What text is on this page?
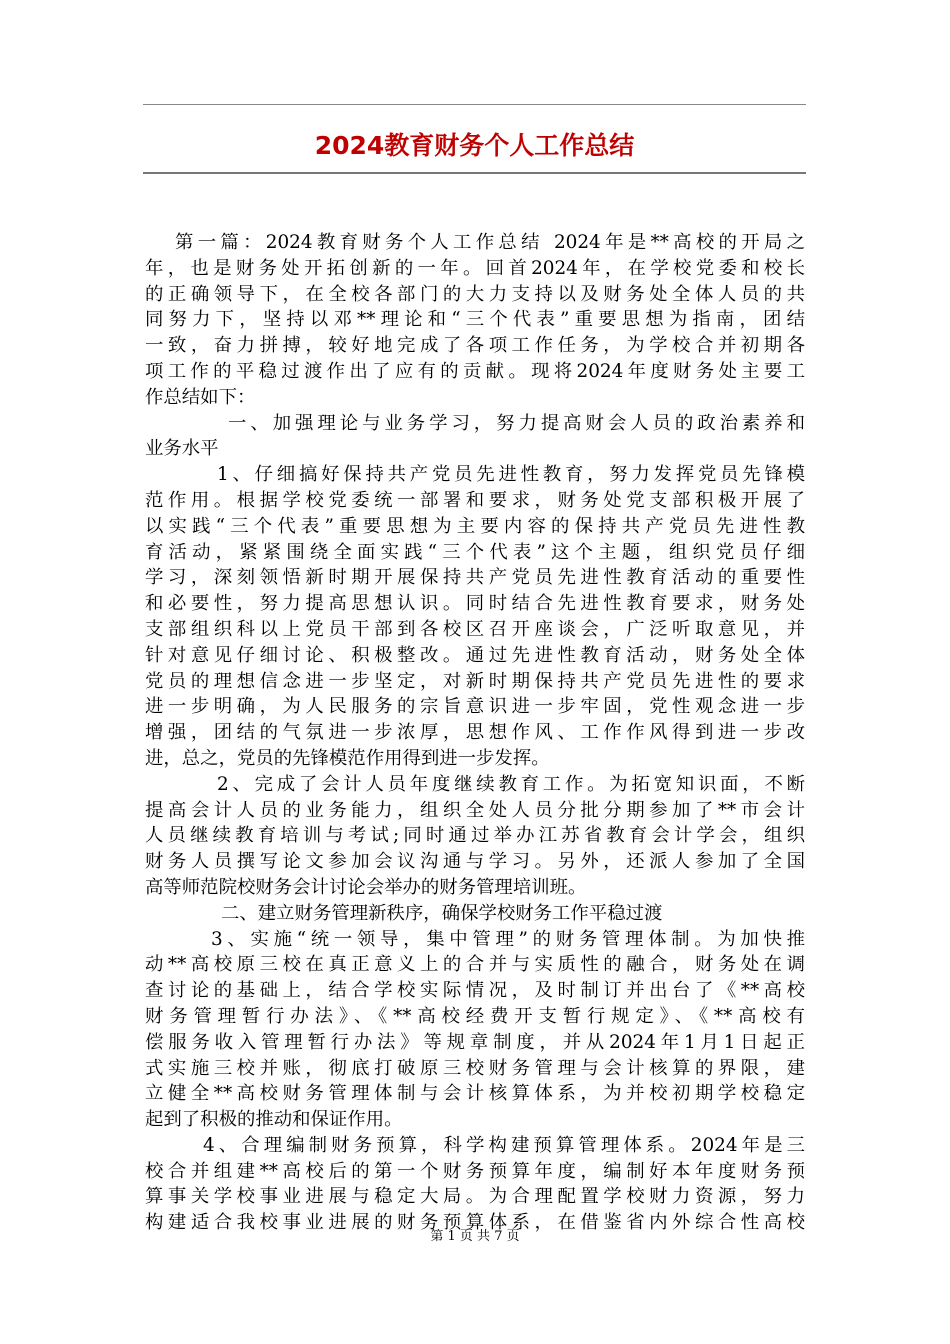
2024教育财务个人工作总结
第一篇：2024教育财务个人工作总结 2024年是**高校的开局之
年，也是财务处开拓创新的一年。回首2024年，在学校党委和校长
的正确领导下，在全校各部门的大力支持以及财务处全体人员的共
同努力下，坚持以邓**理论和“三个代表”重要思想为指南，团结
一致，奋力拼搏，较好地完成了各项工作任务，为学校合并初期各
项工作的平稳过渡作出了应有的贡献。现将2024年度财务处主要工
作总结如下：
一、加强理论与业务学习，努力提高财会人员的政治素养和
业务水平
1、仔细搞好保持共产党员先进性教育，努力发挥党员先锋模
范作用。根据学校党委统一部署和要求，财务处党支部积极开展了
以实践“三个代表”重要思想为主要内容的保持共产党员先进性教
育活动，紧紧围绕全面实践“三个代表”这个主题，组织党员仔细
学习，深刻领悟新时期开展保持共产党员先进性教育活动的重要性
和必要性，努力提高思想认识。同时结合先进性教育要求，财务处
支部组织科以上党员干部到各校区召开座谈会，广泛听取意见，并
针对意见仔细讨论、积极整改。通过先进性教育活动，财务处全体
党员的理想信念进一步坚定，对新时期保持共产党员先进性的要求
进一步明确，为人民服务的宗旨意识进一步牢固，党性观念进一步
增强，团结的气氛进一步浓厚，思想作风、工作作风得到进一步改
进，总之，党员的先锋模范作用得到进一步发挥。
2、完成了会计人员年度继续教育工作。为拓宽知识面，不断
提高会计人员的业务能力，组织全处人员分批分期参加了**市会计
人员继续教育培训与考试;同时通过举办江苏省教育会计学会，组织
财务人员撰写论文参加会议沟通与学习。另外，还派人参加了全国
高等师范院校财务会计讨论会举办的财务管理培训班。
二、建立财务管理新秩序，确保学校财务工作平稳过渡
3、实施“统一领导，集中管理”的财务管理体制。为加快推
动**高校原三校在真正意义上的合并与实质性的融合，财务处在调
查讨论的基础上，结合学校实际情况，及时制订并出台了《**高校
财务管理暂行办法》、《**高校经费开支暂行规定》、《**高校有
偿服务收入管理暂行办法》等规章制度，并从2024年1月1日起正
式实施三校并账，彻底打破原三校财务管理与会计核算的界限，建
立健全**高校财务管理体制与会计核算体系，为并校初期学校稳定
起到了积极的推动和保证作用。
4、合理编制财务预算，科学构建预算管理体系。2024年是三
校合并组建**高校后的第一个财务预算年度，编制好本年度财务预
算事关学校事业进展与稳定大局。为合理配置学校财力资源，努力
构建适合我校事业进展的财务预算体系，在借鉴省内外综合性高校
第 1 页 共 7 页
